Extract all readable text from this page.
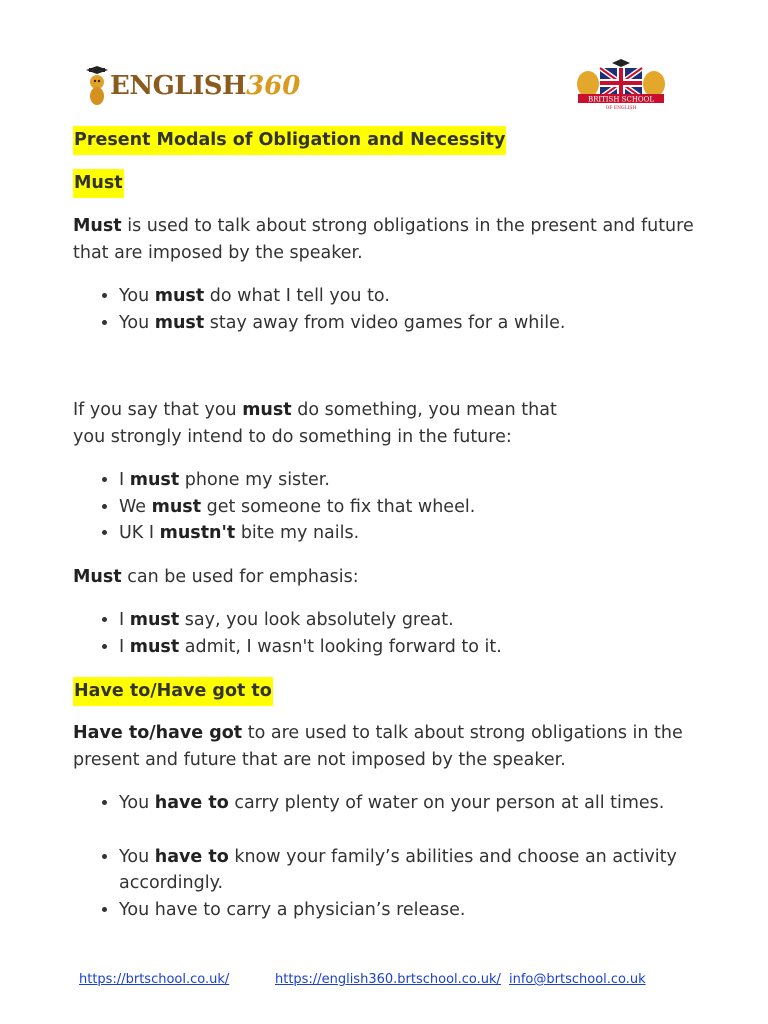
ENGLISH 360	BRITISH SCHOOL
OF ENGLISH
Present Modals of Obligation and Necessity
Must

Must is used to talk about strong obligations in the present and future that are imposed by the speaker.

• You must do what I tell you to.
• You must stay away from video games for a while.

If you say that you must do something, you mean that
you strongly intend to do something in the future:

• I must phone my sister.
• We must get someone to fix that wheel.
• UK I mustn't bite my nails.

Must can be used for emphasis:

• I must say, you look absolutely great.
• I must admit, I wasn't looking forward to it.
Have to/Have got to

Have to/have got to are used to talk about strong obligations in the present and future that are not imposed by the speaker.

• You have to carry plenty of water on your person at all times.
• You have to know your family’s abilities and choose an activity accordingly.
• You have to carry a physician’s release.
https://brtschool.co.uk/	https://english360.brtschool.co.uk/ info@brtschool.co.uk
